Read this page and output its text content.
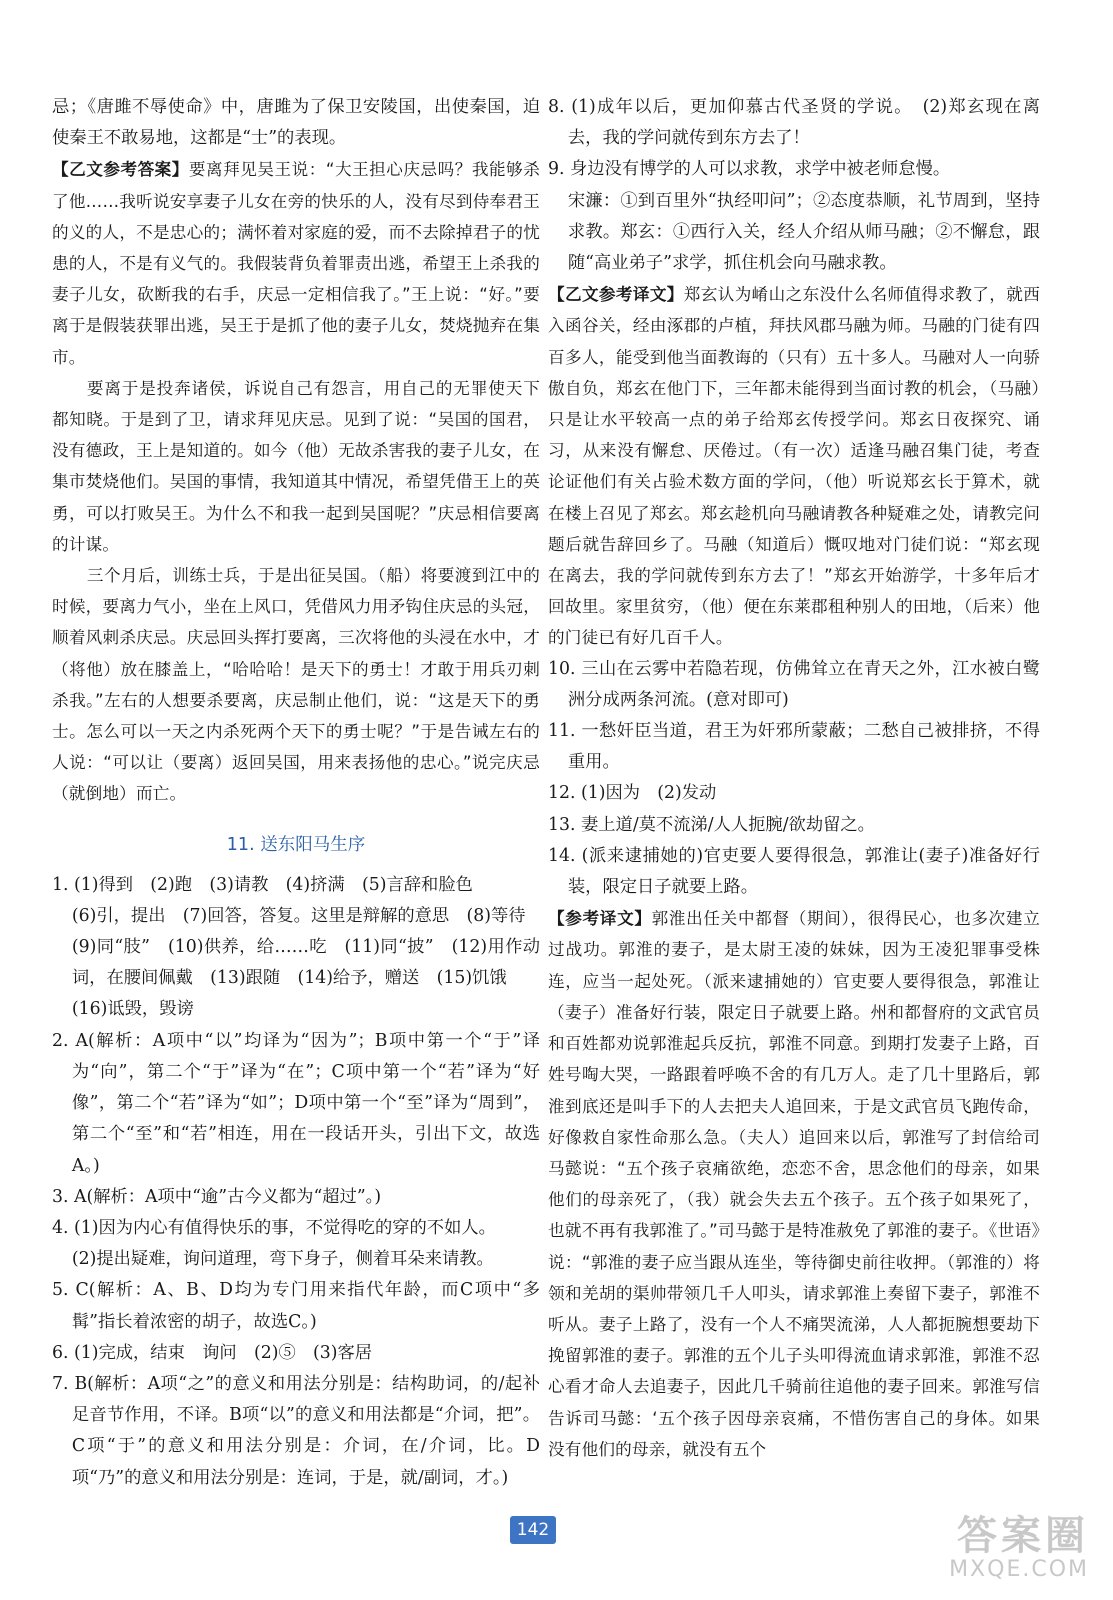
忌；《唐雎不辱使命》中，唐雎为了保卫安陵国，出使秦国，迫使秦王不敢易地，这都是“士”的表现。

【乙文参考答案】要离拜见吴王说：“大王担心庆忌吗？我能够杀了他……我听说安享妻子儿女在旁的快乐的人，没有尽到侍奉君王的义的人，不是忠心的；满怀着对家庭的爱，而不去除掉君子的忧患的人，不是有义气的。我假装背负着罪责出逃，希望王上杀我的妻子儿女，砍断我的右手，庆忌一定相信我了。”王上说：“好。”要离于是假装获罪出逃，吴王于是抓了他的妻子儿女，焚烧抛弃在集市。

要离于是投奔诸侯，诉说自己有怨言，用自己的无罪使天下都知晓。于是到了卫，请求拜见庆忌。见到了说：“吴国的国君，没有德政，王上是知道的。如今（他）无故杀害我的妻子儿女，在集市焚烧他们。吴国的事情，我知道其中情况，希望凭借王上的英勇，可以打败吴王。为什么不和我一起到吴国呢？”庆忌相信要离的计谋。

三个月后，训练士兵，于是出征吴国。（船）将要渡到江中的时候，要离力气小，坐在上风口，凭借风力用矛钩住庆忌的头冠，顺着风刺杀庆忌。庆忌回头挥打要离，三次将他的头浸在水中，才（将他）放在膝盖上，“哈哈哈！是天下的勇士！才敢于用兵刃刺杀我。”左右的人想要杀要离，庆忌制止他们，说：“这是天下的勇士。怎么可以一天之内杀死两个天下的勇士呢？”于是告诫左右的人说：“可以让（要离）返回吴国，用来表扬他的忠心。”说完庆忌（就倒地）而亡。

11. 送东阳马生序

1. (1)得到　(2)跑　(3)请教　(4)挤满　(5)言辞和脸色

(6)引，提出　(7)回答，答复。这里是辩解的意思　(8)等待

(9)同“肢”　(10)供养，给……吃　(11)同“披”　(12)用作动词，在腰间佩戴　(13)跟随　(14)给予，赠送　(15)饥饿

(16)诋毁，毁谤

2. A(解析：A项中“以”均译为“因为”；B项中第一个“于”译为“向”，第二个“于”译为“在”；C项中第一个“若”译为“好像”，第二个“若”译为“如”；D项中第一个“至”译为“周到”，第二个“至”和“若”相连，用在一段话开头，引出下文，故选A。)

3. A(解析：A项中“逾”古今义都为“超过”。)

4. (1)因为内心有值得快乐的事，不觉得吃的穿的不如人。

(2)提出疑难，询问道理，弯下身子，侧着耳朵来请教。

5. C(解析：A、B、D均为专门用来指代年龄，而C项中“多髯”指长着浓密的胡子，故选C。)

6. (1)完成，结束　询问　(2)⑤　(3)客居

7. B(解析：A项“之”的意义和用法分别是：结构助词，的/起补足音节作用，不译。B项“以”的意义和用法都是“介词，把”。C项“于”的意义和用法分别是：介词，在/介词，比。D项“乃”的意义和用法分别是：连词，于是，就/副词，才。)

8. (1)成年以后，更加仰慕古代圣贤的学说。　(2)郑玄现在离去，我的学问就传到东方去了！

9. 身边没有博学的人可以求教，求学中被老师怠慢。

宋濂：①到百里外“执经叩问”；②态度恭顺，礼节周到，坚持求教。郑玄：①西行入关，经人介绍从师马融；②不懈怠，跟随“高业弟子”求学，抓住机会向马融求教。

【乙文参考译文】郑玄认为崤山之东没什么名师值得求教了，就西入函谷关，经由涿郡的卢植，拜扶风郡马融为师。马融的门徒有四百多人，能受到他当面教诲的（只有）五十多人。马融对人一向骄傲自负，郑玄在他门下，三年都未能得到当面讨教的机会，（马融）只是让水平较高一点的弟子给郑玄传授学问。郑玄日夜探究、诵习，从来没有懈怠、厌倦过。（有一次）适逢马融召集门徒，考查论证他们有关占验术数方面的学问，（他）听说郑玄长于算术，就在楼上召见了郑玄。郑玄趁机向马融请教各种疑难之处，请教完问题后就告辞回乡了。马融（知道后）慨叹地对门徒们说：“郑玄现在离去，我的学问就传到东方去了！”郑玄开始游学，十多年后才回故里。家里贫穷，（他）便在东莱郡租种别人的田地，（后来）他的门徒已有好几百千人。

10. 三山在云雾中若隐若现，仿佛耸立在青天之外，江水被白鹭洲分成两条河流。(意对即可)

11. 一愁奸臣当道，君王为奸邪所蒙蔽；二愁自己被排挤，不得重用。

12. (1)因为　(2)发动

13. 妻上道/莫不流涕/人人扼腕/欲劫留之。

14. (派来逮捕她的)官吏要人要得很急，郭淮让(妻子)准备好行装，限定日子就要上路。

【参考译文】郭淮出任关中都督（期间），很得民心，也多次建立过战功。郭淮的妻子，是太尉王凌的妹妹，因为王凌犯罪事受株连，应当一起处死。（派来逮捕她的）官吏要人要得很急，郭淮让（妻子）准备好行装，限定日子就要上路。州和都督府的文武官员和百姓都劝说郭淮起兵反抗，郭淮不同意。到期打发妻子上路，百姓号啕大哭，一路跟着呼唤不舍的有几万人。走了几十里路后，郭淮到底还是叫手下的人去把夫人追回来，于是文武官员飞跑传命，好像救自家性命那么急。（夫人）追回来以后，郭淮写了封信给司马懿说：“五个孩子哀痛欲绝，恋恋不舍，思念他们的母亲，如果他们的母亲死了，（我）就会失去五个孩子。五个孩子如果死了，也就不再有我郭淮了。”司马懿于是特准赦免了郭淮的妻子。《世语》说：“郭淮的妻子应当跟从连坐，等待御史前往收押。（郭淮的）将领和羌胡的渠帅带领几千人叩头，请求郭淮上奏留下妻子，郭淮不听从。妻子上路了，没有一个人不痛哭流涕，人人都扼腕想要劫下挽留郭淮的妻子。郭淮的五个儿子头叩得流血请求郭淮，郭淮不忍心看才命人去追妻子，因此几千骑前往追他的妻子回来。郭淮写信告诉司马懿：‘五个孩子因母亲哀痛，不惜伤害自己的身体。如果没有他们的母亲，就没有五个

142	答案圈
MXQE.COM
